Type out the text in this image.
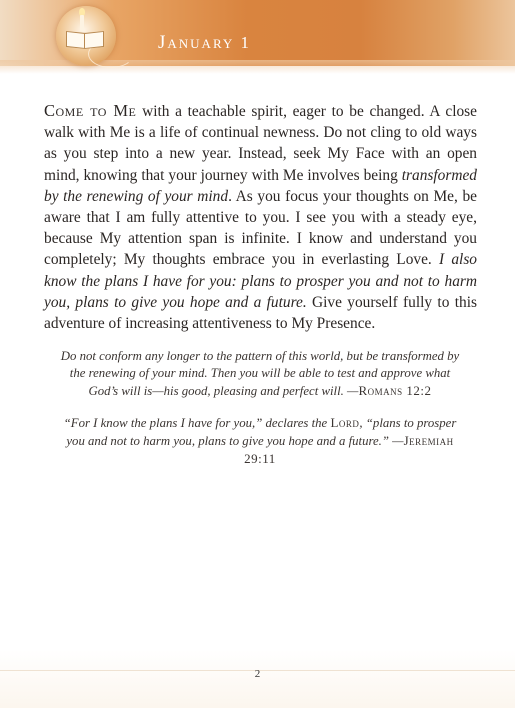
January 1

Come to Me with a teachable spirit, eager to be changed. A close walk with Me is a life of continual newness. Do not cling to old ways as you step into a new year. Instead, seek My Face with an open mind, knowing that your journey with Me involves being transformed by the renewing of your mind. As you focus your thoughts on Me, be aware that I am fully attentive to you. I see you with a steady eye, because My attention span is infinite. I know and understand you completely; My thoughts embrace you in everlasting Love. I also know the plans I have for you: plans to prosper you and not to harm you, plans to give you hope and a future. Give yourself fully to this adventure of increasing attentiveness to My Presence.

Do not conform any longer to the pattern of this world, but be transformed by the renewing of your mind. Then you will be able to test and approve what God’s will is—his good, pleasing and perfect will. —Romans 12:2

“For I know the plans I have for you,” declares the Lord, “plans to prosper you and not to harm you, plans to give you hope and a future.” —Jeremiah 29:11

2
